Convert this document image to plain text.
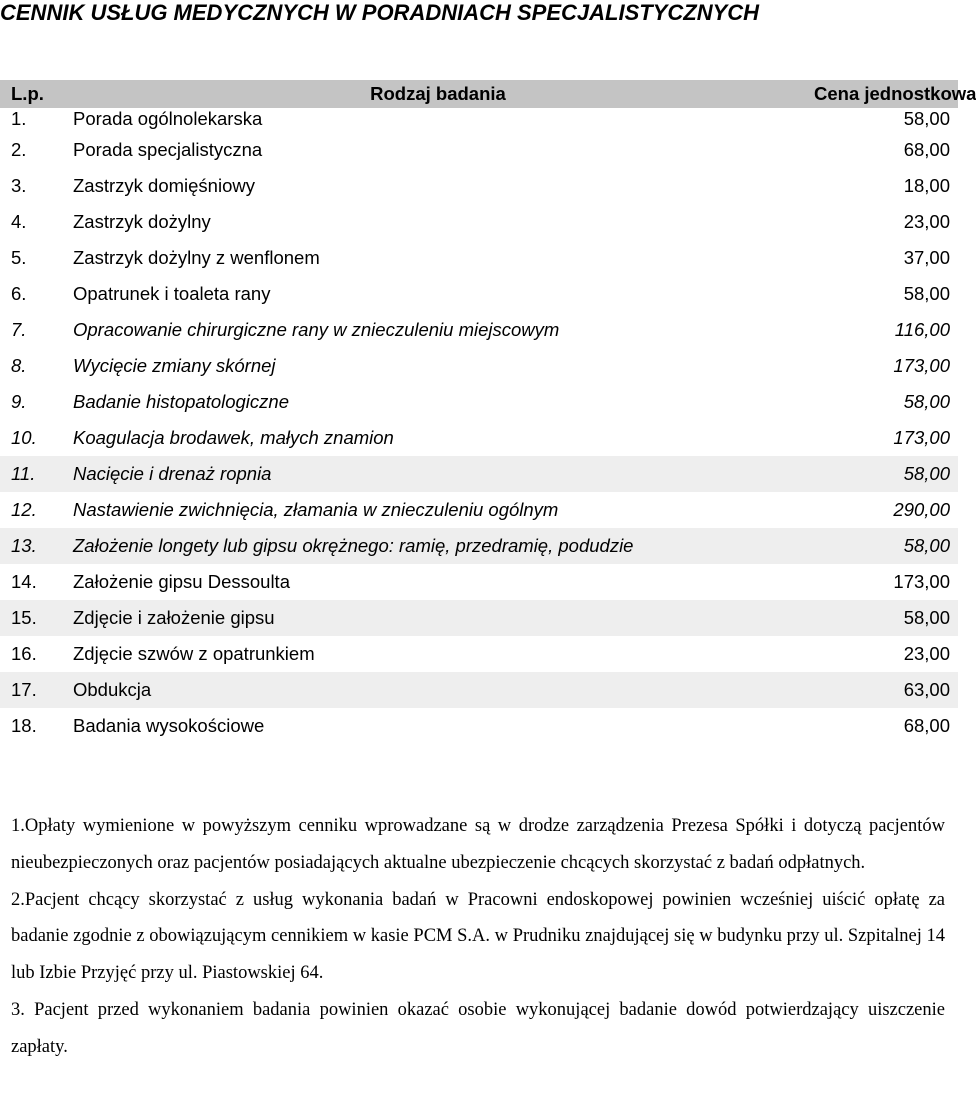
CENNIK USŁUG MEDYCZNYCH W PORADNIACH SPECJALISTYCZNYCH
L.p.	Rodzaj badania	Cena jednostkowa
1.	Porada ogólnolekarska	58,00
2.	Porada specjalistyczna	68,00
3.	Zastrzyk domięśniowy	18,00
4.	Zastrzyk dożylny	23,00
5.	Zastrzyk dożylny z wenflonem	37,00
6.	Opatrunek i toaleta rany	58,00
7.	Opracowanie chirurgiczne rany w znieczuleniu miejscowym	116,00
8.	Wycięcie zmiany skórnej	173,00
9.	Badanie histopatologiczne	58,00
10.	Koagulacja brodawek, małych znamion	173,00
11.	Nacięcie i drenaż ropnia	58,00
12.	Nastawienie zwichnięcia, złamania w znieczuleniu ogólnym	290,00
13.	Założenie longety lub gipsu okrężnego: ramię, przedramię, podudzie	58,00
14.	Założenie gipsu Dessoulta	173,00
15.	Zdjęcie i założenie gipsu	58,00
16.	Zdjęcie szwów z opatrunkiem	23,00
17.	Obdukcja	63,00
18.	Badania wysokościowe	68,00

1.Opłaty wymienione w powyższym cenniku wprowadzane są w drodze zarządzenia Prezesa Spółki i dotyczą pacjentów nieubezpieczonych oraz pacjentów posiadających aktualne ubezpieczenie chcących skorzystać z badań odpłatnych.

2.Pacjent chcący skorzystać z usług wykonania badań w Pracowni endoskopowej powinien wcześniej uiścić opłatę za badanie zgodnie z obowiązującym cennikiem w kasie PCM S.A. w Prudniku znajdującej się w budynku przy ul. Szpitalnej 14 lub Izbie Przyjęć przy ul. Piastowskiej 64.

3. Pacjent przed wykonaniem badania powinien okazać osobie wykonującej badanie dowód potwierdzający uiszczenie zapłaty.
